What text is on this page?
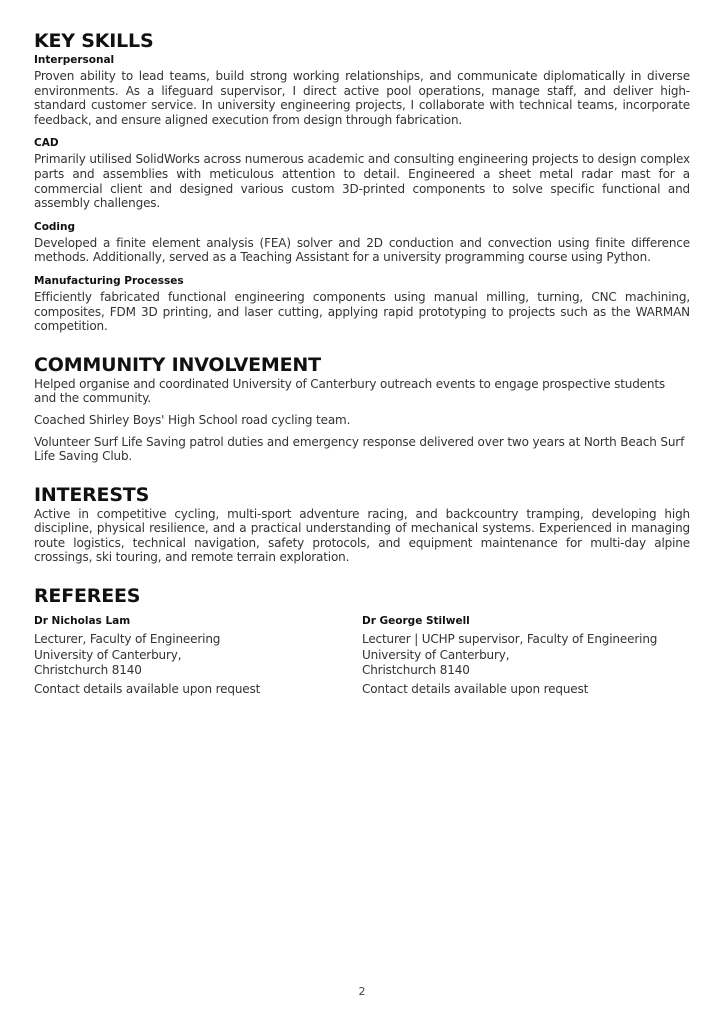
KEY SKILLS
Interpersonal

Proven ability to lead teams, build strong working relationships, and communicate diplomatically in diverse environments. As a lifeguard supervisor, I direct active pool operations, manage staff, and deliver high-standard customer service. In university engineering projects, I collaborate with technical teams, incorporate feedback, and ensure aligned execution from design through fabrication.

CAD

Primarily utilised SolidWorks across numerous academic and consulting engineering projects to design complex parts and assemblies with meticulous attention to detail. Engineered a sheet metal radar mast for a commercial client and designed various custom 3D-printed components to solve specific functional and assembly challenges.

Coding

Developed a finite element analysis (FEA) solver and 2D conduction and convection using finite difference methods. Additionally, served as a Teaching Assistant for a university programming course using Python.

Manufacturing Processes

Efficiently fabricated functional engineering components using manual milling, turning, CNC machining, composites, FDM 3D printing, and laser cutting, applying rapid prototyping to projects such as the WARMAN competition.

COMMUNITY INVOLVEMENT

Helped organise and coordinated University of Canterbury outreach events to engage prospective students and the community.

Coached Shirley Boys' High School road cycling team.

Volunteer Surf Life Saving patrol duties and emergency response delivered over two years at North Beach Surf Life Saving Club.

INTERESTS

Active in competitive cycling, multi-sport adventure racing, and backcountry tramping, developing high discipline, physical resilience, and a practical understanding of mechanical systems. Experienced in managing route logistics, technical navigation, safety protocols, and equipment maintenance for multi-day alpine crossings, ski touring, and remote terrain exploration.

REFEREES
Dr Nicholas Lam
Lecturer, Faculty of Engineering
University of Canterbury,
Christchurch 8140
Contact details available upon request
Dr George Stilwell
Lecturer | UCHP supervisor, Faculty of Engineering
University of Canterbury,
Christchurch 8140
Contact details available upon request
2
